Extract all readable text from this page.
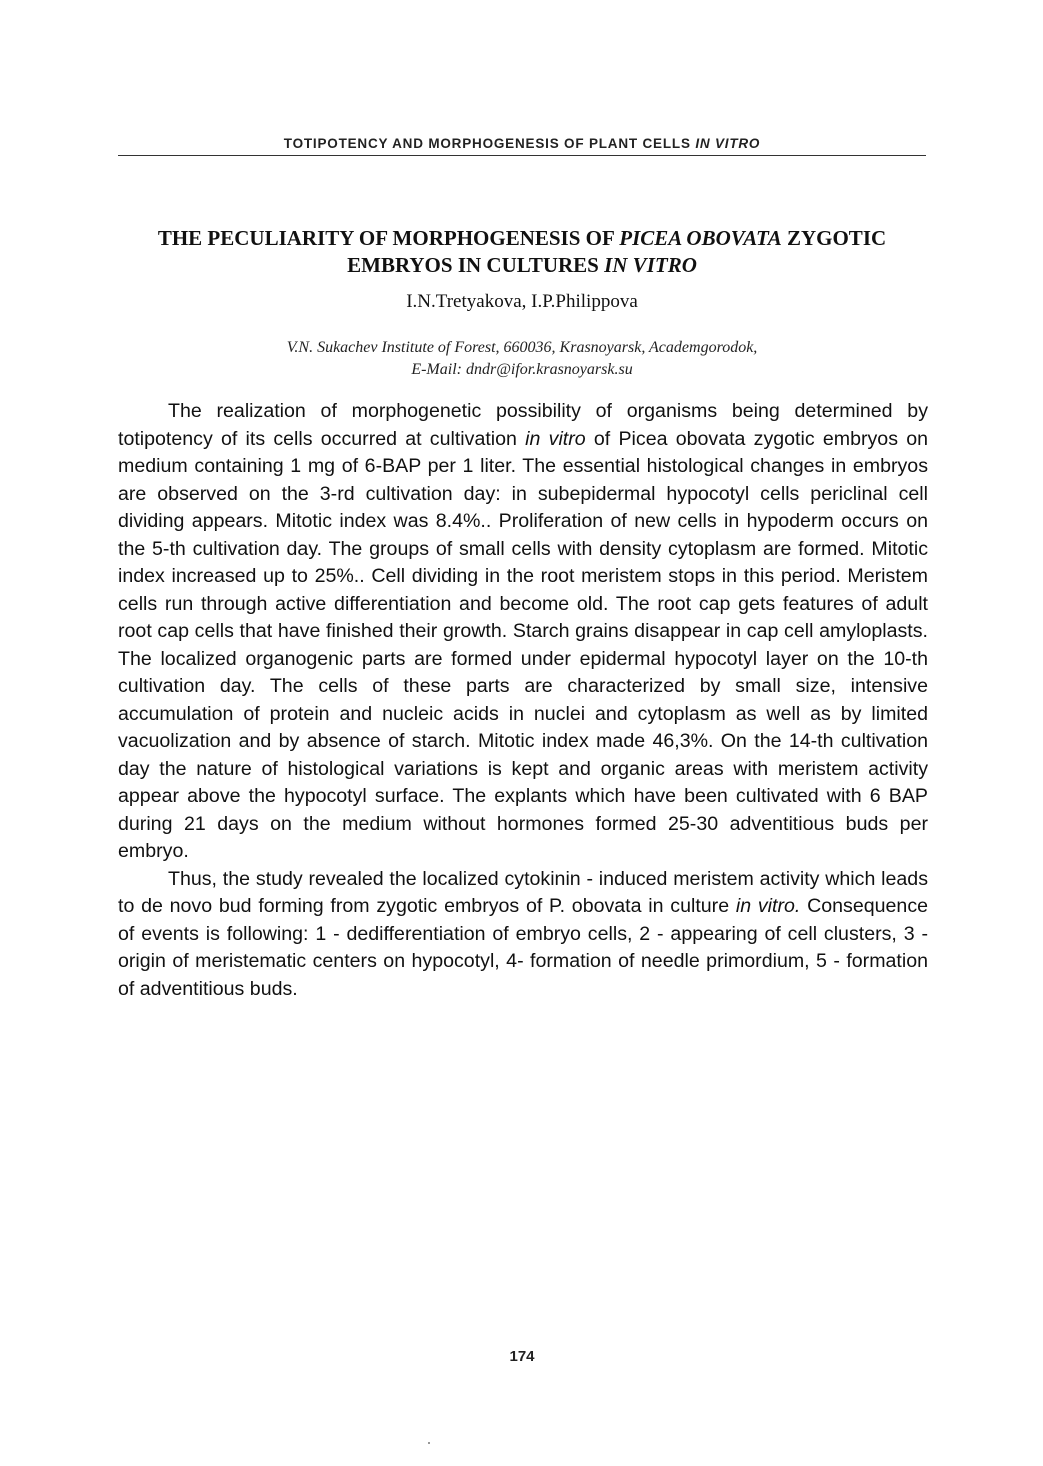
TOTIPOTENCY AND MORPHOGENESIS OF PLANT CELLS IN VITRO
THE PECULIARITY OF MORPHOGENESIS OF PICEA OBOVATA ZYGOTIC EMBRYOS IN CULTURES IN VITRO
I.N.Tretyakova, I.P.Philippova
V.N. Sukachev Institute of Forest, 660036, Krasnoyarsk, Academgorodok,
E-Mail: dndr@ifor.krasnoyarsk.su

The realization of morphogenetic possibility of organisms being determined by totipotency of its cells occurred at cultivation in vitro of Picea obovata zygotic embryos on medium containing 1 mg of 6-BAP per 1 liter. The essential histological changes in embryos are observed on the 3-rd cultivation day: in subepidermal hypocotyl cells periclinal cell dividing appears. Mitotic index was 8.4%.. Proliferation of new cells in hypoderm occurs on the 5-th cultivation day. The groups of small cells with density cytoplasm are formed. Mitotic index increased up to 25%.. Cell dividing in the root meristem stops in this period. Meristem cells run through active differentiation and become old. The root cap gets features of adult root cap cells that have finished their growth. Starch grains disappear in cap cell amyloplasts. The localized organogenic parts are formed under epidermal hypocotyl layer on the 10-th cultivation day. The cells of these parts are characterized by small size, intensive accumulation of protein and nucleic acids in nuclei and cytoplasm as well as by limited vacuolization and by absence of starch. Mitotic index made 46,3%. On the 14-th cultivation day the nature of histological variations is kept and organic areas with meristem activity appear above the hypocotyl surface. The explants which have been cultivated with 6 BAP during 21 days on the medium without hormones formed 25-30 adventitious buds per embryo.

Thus, the study revealed the localized cytokinin - induced meristem activity which leads to de novo bud forming from zygotic embryos of P. obovata in culture in vitro. Consequence of events is following: 1 - dedifferentiation of embryo cells, 2 - appearing of cell clusters, 3 - origin of meristematic centers on hypocotyl, 4- formation of needle primordium, 5 - formation of adventitious buds.

174
